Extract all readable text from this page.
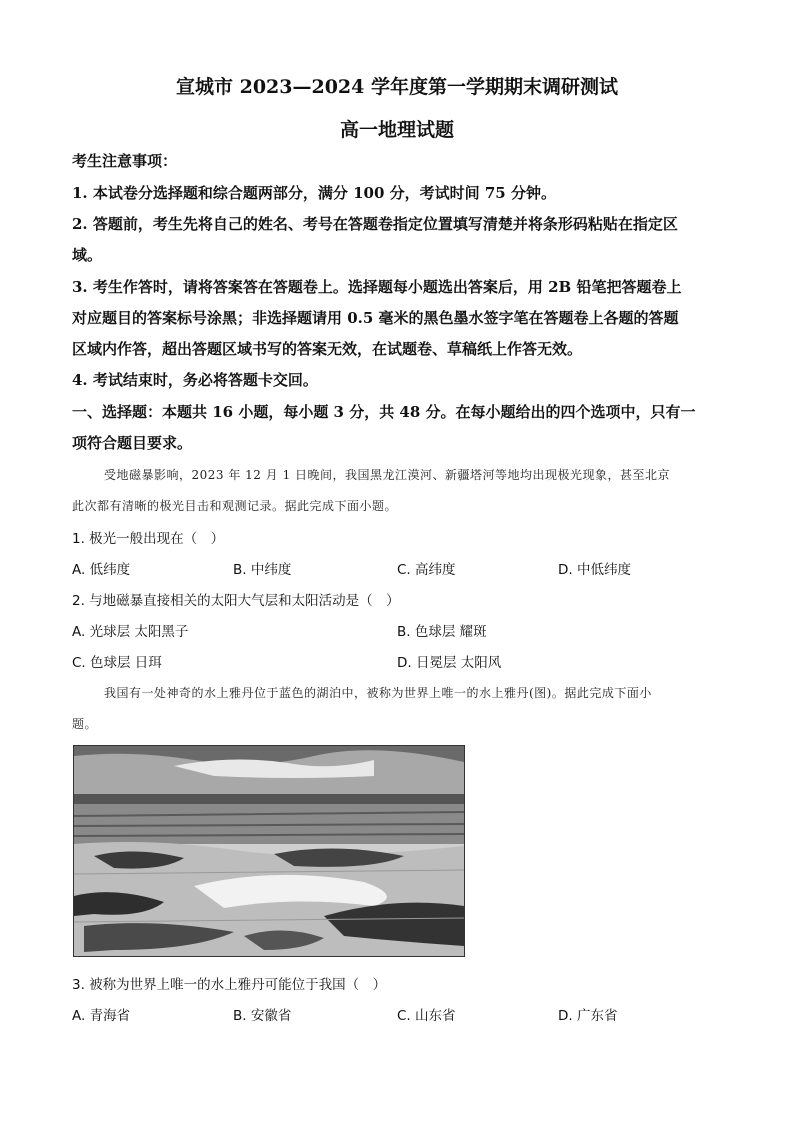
宣城市 2023—2024 学年度第一学期期末调研测试
高一地理试题
考生注意事项：
1. 本试卷分选择题和综合题两部分，满分 100 分，考试时间 75 分钟。
2. 答题前，考生先将自己的姓名、考号在答题卷指定位置填写清楚并将条形码粘贴在指定区
域。
3. 考生作答时，请将答案答在答题卷上。选择题每小题选出答案后，用 2B 铅笔把答题卷上
对应题目的答案标号涂黑；非选择题请用 0.5 毫米的黑色墨水签字笔在答题卷上各题的答题
区域内作答，超出答题区域书写的答案无效，在试题卷、草稿纸上作答无效。
4. 考试结束时，务必将答题卡交回。
一、选择题：本题共 16 小题，每小题 3 分，共 48 分。在每小题给出的四个选项中，只有一
项符合题目要求。
受地磁暴影响，2023 年 12 月 1 日晚间，我国黑龙江漠河、新疆塔河等地均出现极光现象，甚至北京
此次都有清晰的极光目击和观测记录。据此完成下面小题。
1. 极光一般出现在（　）
A. 低纬度	B. 中纬度	C. 高纬度	D. 中低纬度
2. 与地磁暴直接相关的太阳大气层和太阳活动是（　）
A. 光球层 太阳黑子	B. 色球层 耀斑
C. 色球层 日珥	D. 日冕层 太阳风
我国有一处神奇的水上雅丹位于蓝色的湖泊中，被称为世界上唯一的水上雅丹(图)。据此完成下面小
题。
3. 被称为世界上唯一的水上雅丹可能位于我国（　）
A. 青海省	B. 安徽省	C. 山东省	D. 广东省
